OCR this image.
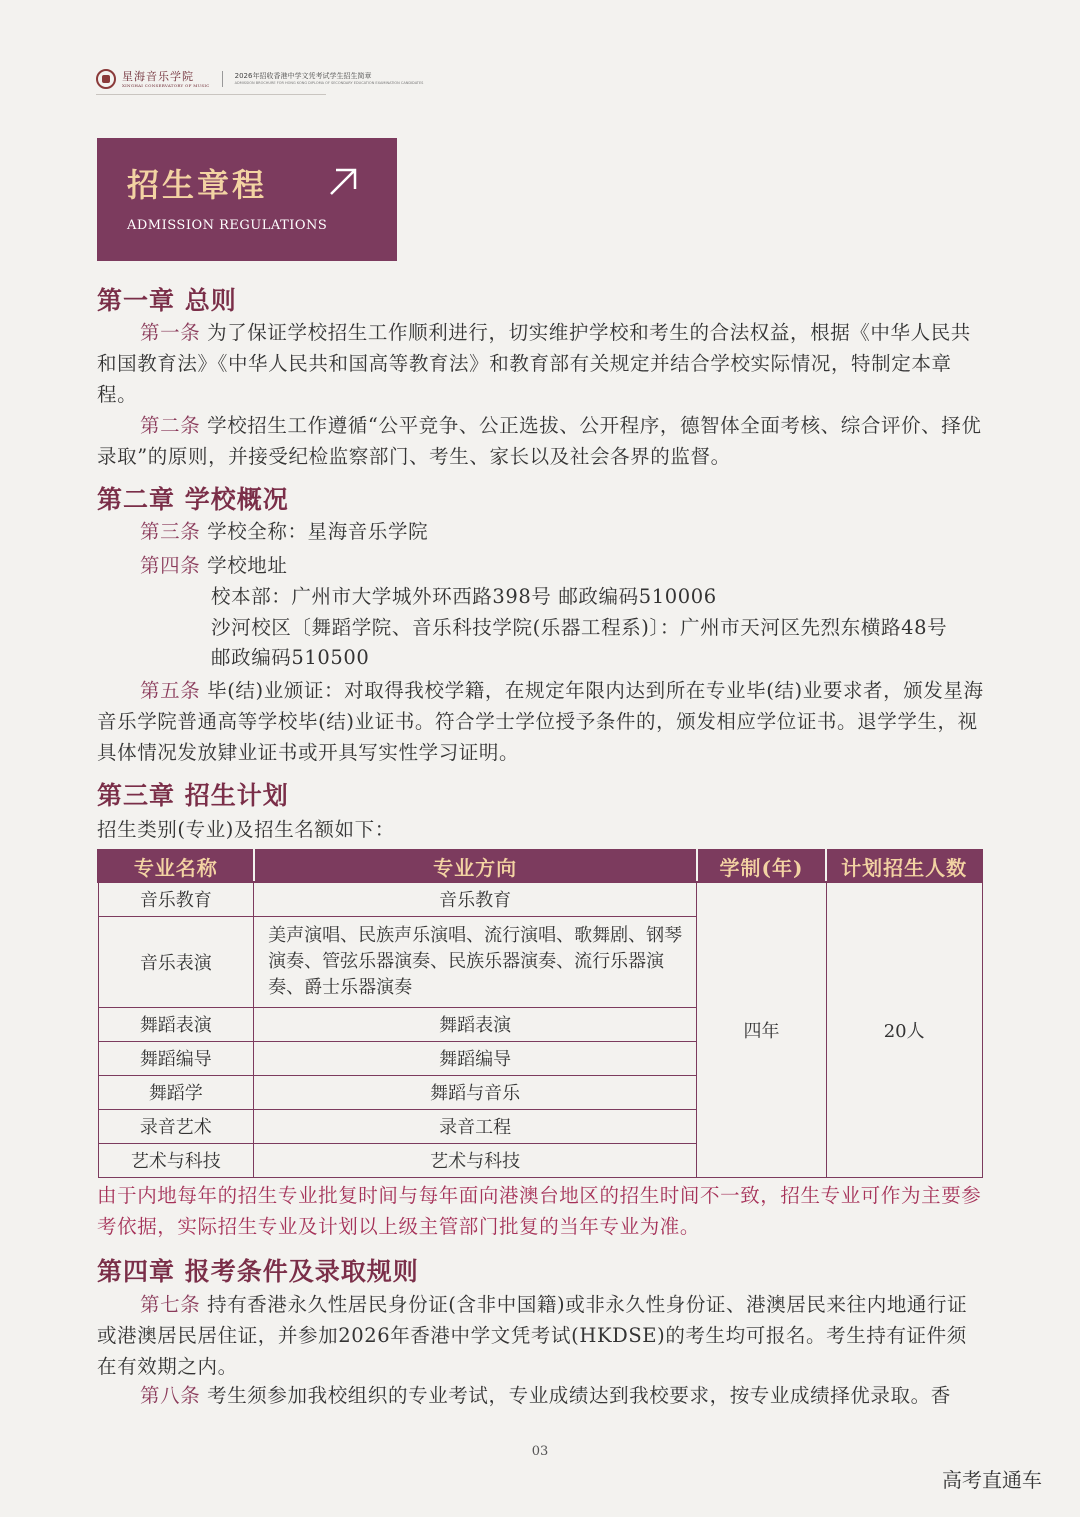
星海音乐学院
XINGHAI CONSERVATORY OF MUSIC
2026年招收香港中学文凭考试学生招生简章
ADMISSION BROCHURE FOR HONG KONG DIPLOMA OF SECONDARY EDUCATION EXAMINATION CANDIDATES
招生章程
ADMISSION REGULATIONS
第一章 总则
第一条 为了保证学校招生工作顺利进行，切实维护学校和考生的合法权益，根据《中华人民共和国教育法》《中华人民共和国高等教育法》和教育部有关规定并结合学校实际情况，特制定本章程。
第二条 学校招生工作遵循“公平竞争、公正选拔、公开程序，德智体全面考核、综合评价、择优录取”的原则，并接受纪检监察部门、考生、家长以及社会各界的监督。
第二章 学校概况
第三条 学校全称：星海音乐学院
第四条 学校地址
校本部：广州市大学城外环西路398号 邮政编码510006
沙河校区〔舞蹈学院、音乐科技学院(乐器工程系)〕：广州市天河区先烈东横路48号
邮政编码510500
第五条 毕(结)业颁证：对取得我校学籍，在规定年限内达到所在专业毕(结)业要求者，颁发星海音乐学院普通高等学校毕(结)业证书。符合学士学位授予条件的，颁发相应学位证书。退学学生，视具体情况发放肄业证书或开具写实性学习证明。
第三章 招生计划
招生类别(专业)及招生名额如下：
专业名称	专业方向	学制(年)	计划招生人数
音乐教育	音乐教育	四年	20人
音乐表演	美声演唱、民族声乐演唱、流行演唱、歌舞剧、钢琴演奏、管弦乐器演奏、民族乐器演奏、流行乐器演奏、爵士乐器演奏		
舞蹈表演	舞蹈表演		
舞蹈编导	舞蹈编导		
舞蹈学	舞蹈与音乐		
录音艺术	录音工程		
艺术与科技	艺术与科技		
由于内地每年的招生专业批复时间与每年面向港澳台地区的招生时间不一致，招生专业可作为主要参考依据，实际招生专业及计划以上级主管部门批复的当年专业为准。
第四章 报考条件及录取规则
第七条 持有香港永久性居民身份证(含非中国籍)或非永久性身份证、港澳居民来往内地通行证或港澳居民居住证，并参加2026年香港中学文凭考试(HKDSE)的考生均可报名。考生持有证件须在有效期之内。
第八条 考生须参加我校组织的专业考试，专业成绩达到我校要求，按专业成绩择优录取。香
03
高考直通车
